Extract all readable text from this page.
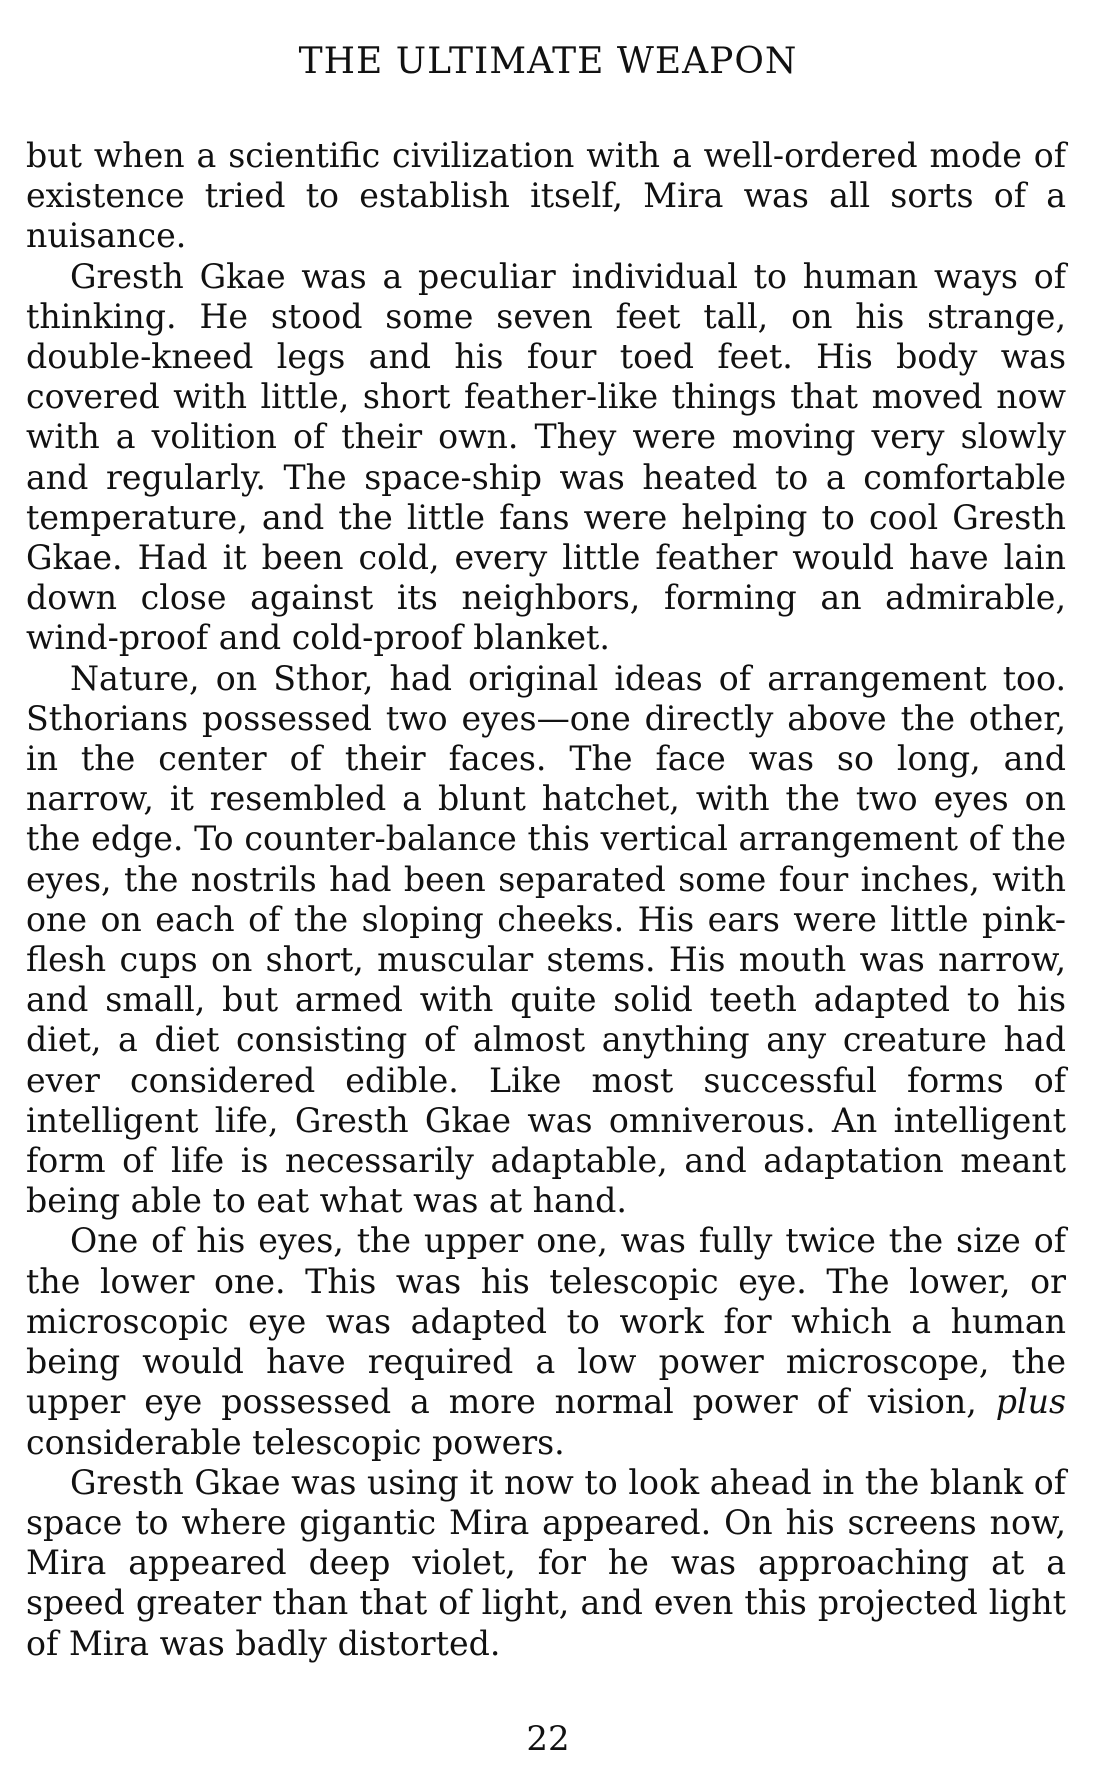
THE ULTIMATE WEAPON

but when a scientific civilization with a well-ordered mode of existence tried to establish itself, Mira was all sorts of a nuisance.

Gresth Gkae was a peculiar individual to human ways of thinking. He stood some seven feet tall, on his strange, double-kneed legs and his four toed feet. His body was covered with little, short feather-like things that moved now with a volition of their own. They were moving very slowly and regularly. The space-ship was heated to a comfortable temperature, and the little fans were helping to cool Gresth Gkae. Had it been cold, every little feather would have lain down close against its neighbors, forming an admirable, wind-proof and cold-proof blanket.

Nature, on Sthor, had original ideas of arrangement too. Sthorians possessed two eyes—one directly above the other, in the center of their faces. The face was so long, and narrow, it resembled a blunt hatchet, with the two eyes on the edge. To counter-balance this vertical arrangement of the eyes, the nostrils had been separated some four inches, with one on each of the sloping cheeks. His ears were little pink-flesh cups on short, muscular stems. His mouth was narrow, and small, but armed with quite solid teeth adapted to his diet, a diet consisting of almost anything any creature had ever considered edible. Like most successful forms of intelligent life, Gresth Gkae was omniverous. An intelligent form of life is necessarily adaptable, and adaptation meant being able to eat what was at hand.

One of his eyes, the upper one, was fully twice the size of the lower one. This was his telescopic eye. The lower, or microscopic eye was adapted to work for which a human being would have required a low power microscope, the upper eye possessed a more normal power of vision, plus considerable telescopic powers.

Gresth Gkae was using it now to look ahead in the blank of space to where gigantic Mira appeared. On his screens now, Mira appeared deep violet, for he was approaching at a speed greater than that of light, and even this projected light of Mira was badly distorted.

22
